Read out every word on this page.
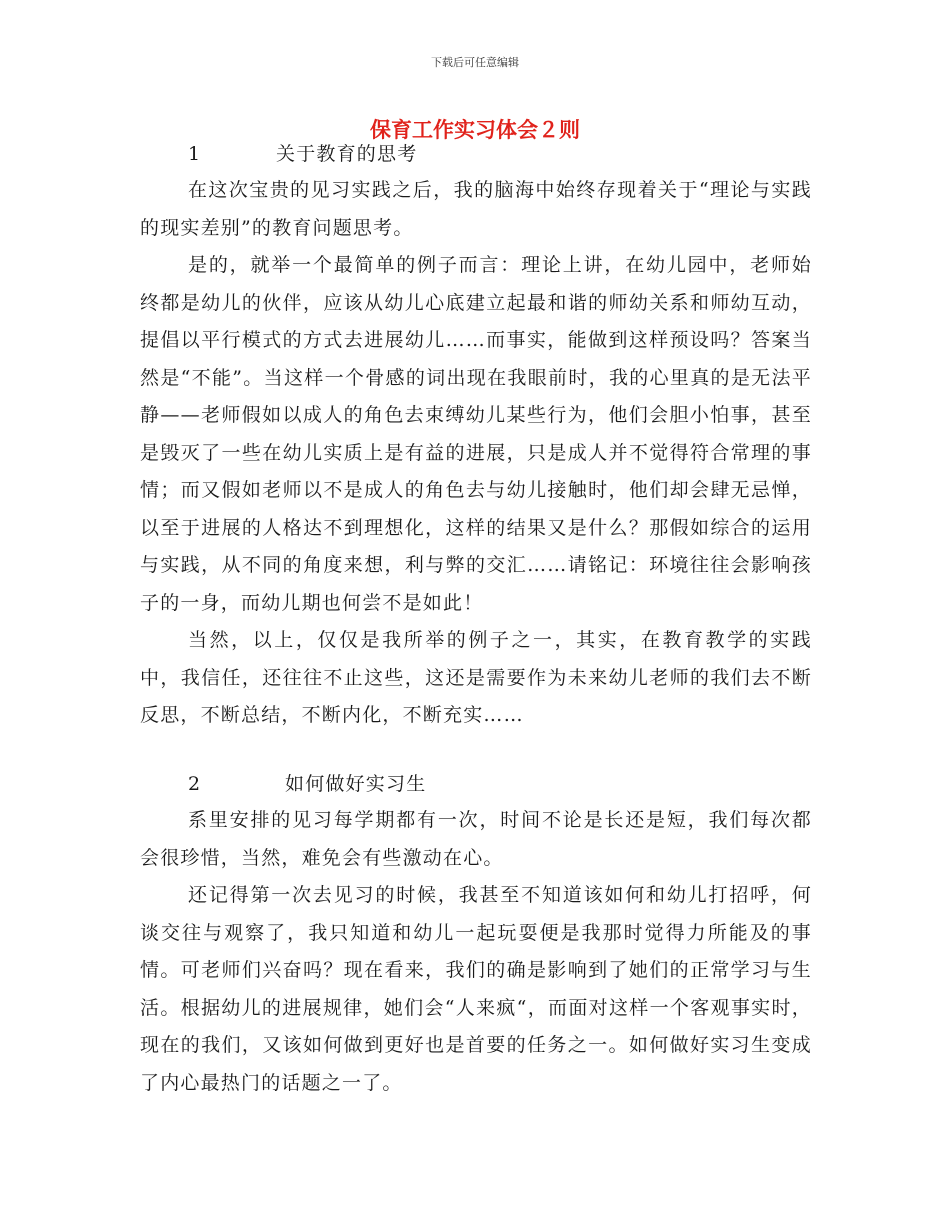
下载后可任意编辑
保育工作实习体会２则
1	关于教育的思考

在这次宝贵的见习实践之后，我的脑海中始终存现着关于“理论与实践的现实差别”的教育问题思考。

是的，就举一个最简单的例子而言：理论上讲，在幼儿园中，老师始终都是幼儿的伙伴，应该从幼儿心底建立起最和谐的师幼关系和师幼互动，提倡以平行模式的方式去进展幼儿……而事实，能做到这样预设吗？答案当然是“不能”。当这样一个骨感的词出现在我眼前时，我的心里真的是无法平静——老师假如以成人的角色去束缚幼儿某些行为，他们会胆小怕事，甚至是毁灭了一些在幼儿实质上是有益的进展，只是成人并不觉得符合常理的事情；而又假如老师以不是成人的角色去与幼儿接触时，他们却会肆无忌惮，以至于进展的人格达不到理想化，这样的结果又是什么？那假如综合的运用与实践，从不同的角度来想，利与弊的交汇……请铭记：环境往往会影响孩子的一身，而幼儿期也何尝不是如此！

当然，以上，仅仅是我所举的例子之一，其实，在教育教学的实践中，我信任，还往往不止这些，这还是需要作为未来幼儿老师的我们去不断反思，不断总结，不断内化，不断充实……

2	如何做好实习生

系里安排的见习每学期都有一次，时间不论是长还是短，我们每次都会很珍惜，当然，难免会有些激动在心。

还记得第一次去见习的时候，我甚至不知道该如何和幼儿打招呼，何谈交往与观察了，我只知道和幼儿一起玩耍便是我那时觉得力所能及的事情。可老师们兴奋吗？现在看来，我们的确是影响到了她们的正常学习与生活。根据幼儿的进展规律，她们会“人来疯“，而面对这样一个客观事实时，现在的我们，又该如何做到更好也是首要的任务之一。如何做好实习生变成了内心最热门的话题之一了。
